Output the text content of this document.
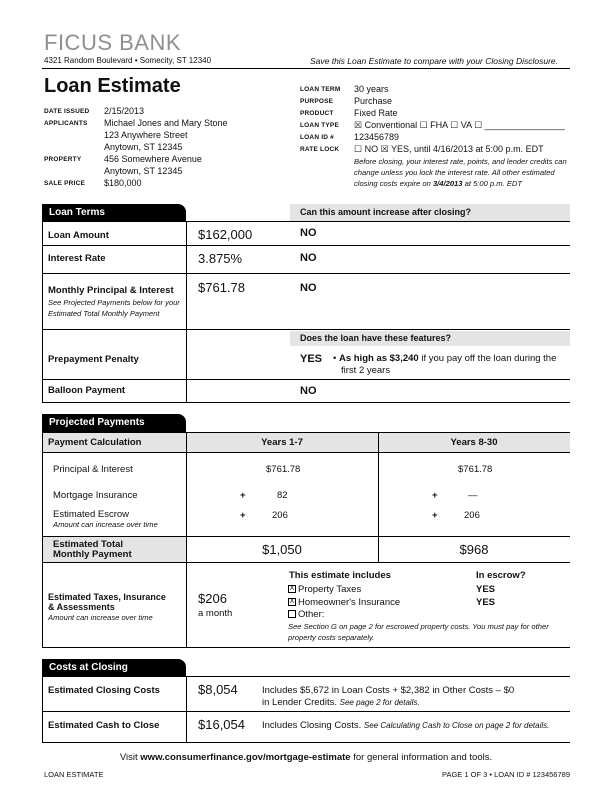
FICUS BANK
4321 Random Boulevard • Somecity, ST 12340	Save this Loan Estimate to compare with your Closing Disclosure.
Loan Estimate
DATE ISSUED 2/15/2013
APPLICANTS Michael Jones and Mary Stone
123 Anywhere Street
Anytown, ST 12345
PROPERTY	456 Somewhere Avenue
Anytown, ST 12345
SALE PRICE $180,000
LOAN TERM 30 years
PURPOSE Purchase
PRODUCT Fixed Rate
LOAN TYPE ☒ Conventional ☐ FHA ☐ VA ☐ ________________
LOAN ID # 123456789
RATE LOCK ☐ NO ☒ YES, until 4/16/2013 at 5:00 p.m. EDT
Before closing, your interest rate, points, and lender credits can
change unless you lock the interest rate. All other estimated
closing costs expire on 3/4/2013 at 5:00 p.m. EDT
Loan Terms	Can this amount increase after closing?
Loan Amount	$162,000	NO
Interest Rate	3.875%	NO
Monthly Principal & Interest
See Projected Payments below for your
Estimated Total Monthly Payment
$761.78	NO
Does the loan have these features?
Prepayment Penalty	YES • As high as $3,240 if you pay off the loan during the
first 2 years
Balloon Payment	NO
Projected Payments
Payment Calculation	Years 1-7	Years 8-30
Principal & Interest	$761.78	$761.78
Mortgage Insurance	+	82	+	—
Estimated Escrow
Amount can increase over time
+	206	+	206
Estimated Total
Monthly Payment	$1,050	$968
Estimated Taxes, Insurance
& Assessments
Amount can increase over time
$206
a month
This estimate includes	In escrow?
X Property Taxes	YES
X Homeowner's Insurance	YES
Other:
See Section G on page 2 for escrowed property costs. You must pay for other
property costs separately.
Costs at Closing
Estimated Closing Costs	$8,054	Includes $5,672 in Loan Costs + $2,382 in Other Costs – $0
in Lender Credits. See page 2 for details.
Estimated Cash to Close	$16,054 Includes Closing Costs. See Calculating Cash to Close on page 2 for details.
Visit www.consumerfinance.gov/mortgage-estimate for general information and tools.
LOAN ESTIMATE	PAGE 1 OF 3 • LOAN ID # 123456789
